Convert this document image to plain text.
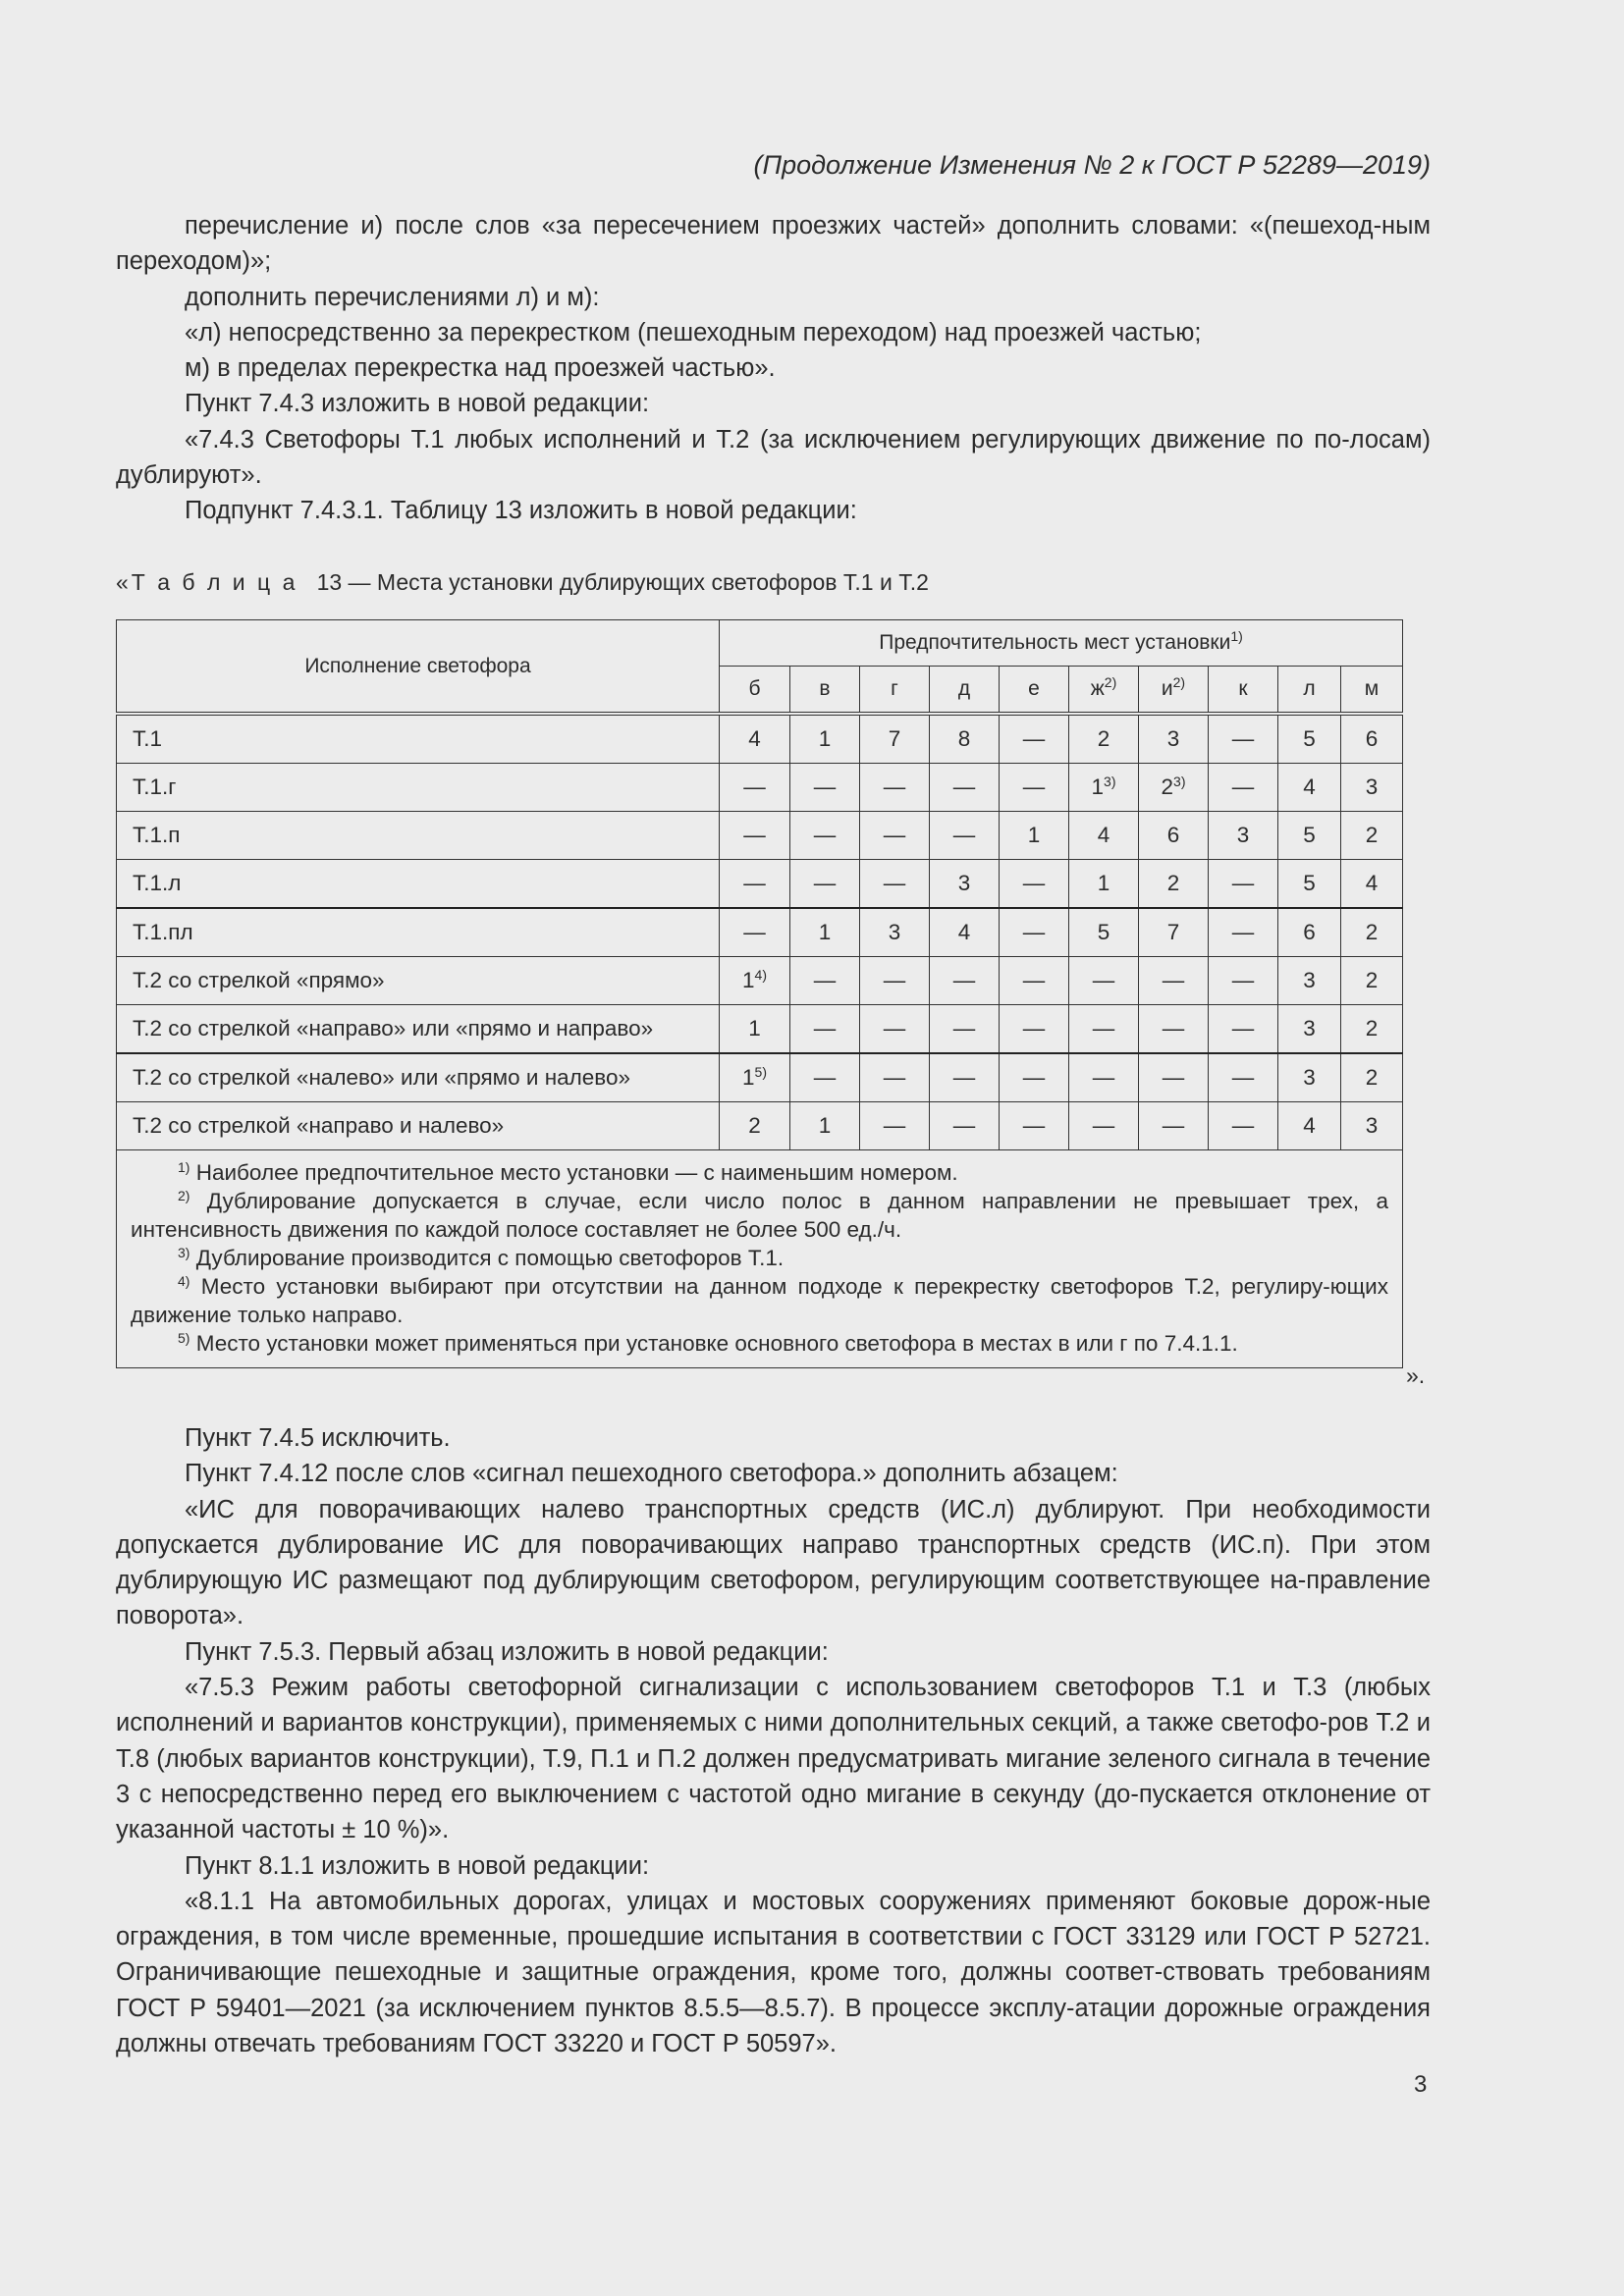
(Продолжение Изменения № 2 к ГОСТ Р 52289—2019)

перечисление и) после слов «за пересечением проезжих частей» дополнить словами: «(пешеход-ным переходом)»;

дополнить перечислениями л) и м):

«л) непосредственно за перекрестком (пешеходным переходом) над проезжей частью;

м) в пределах перекрестка над проезжей частью».

Пункт 7.4.3 изложить в новой редакции:

«7.4.3 Светофоры Т.1 любых исполнений и Т.2 (за исключением регулирующих движение по по-лосам) дублируют».

Подпункт 7.4.3.1. Таблицу 13 изложить в новой редакции:

«Т а б л и ц а 13 — Места установки дублирующих светофоров Т.1 и Т.2
Исполнение светофора	Предпочтительность мест установки$^{1)}$
	б	в	г	д	е	$ж^{2)}$	$и^{2)}$	к	л	м
Т.1	4	1	7	8	—	2	3	—	5	6
Т.1.г	—	—	—	—	—	1$^{3)}$	2$^{3)}$	—	4	3
Т.1.п	—	—	—	—	1	4	6	3	5	2
Т.1.л	—	—	—	3	—	1	2	—	5	4
Т.1.пл	—	1	3	4	—	5	7	—	6	2
Т.2 со стрелкой «прямо»	1$^{4)}$	—	—	—	—	—	—	—	3	2
Т.2 со стрелкой «направо» или «прямо и направо»	1	—	—	—	—	—	—	—	3	2
Т.2 со стрелкой «налево» или «прямо и налево»	1$^{5)}$	—	—	—	—	—	—	—	3	2
Т.2 со стрелкой «направо и налево»	2	1	—	—	—	—	—	—	4	3

$^{1)}$ Наиболее предпочтительное место установки — с наименьшим номером.
$^{2)}$ Дублирование допускается в случае, если число полос в данном направлении не превышает трех, а интенсивность движения по каждой полосе составляет не более 500 ед./ч.
$^{3)}$ Дублирование производится с помощью светофоров Т.1.
$^{4)}$ Место установки выбирают при отсутствии на данном подходе к перекрестку светофоров Т.2, регулиру-ющих движение только направо.
$^{5)}$ Место установки может применяться при установке основного светофора в местах в или г по 7.4.1.1.										
».

Пункт 7.4.5 исключить.

Пункт 7.4.12 после слов «сигнал пешеходного светофора.» дополнить абзацем:

«ИС для поворачивающих налево транспортных средств (ИС.л) дублируют. При необходимости допускается дублирование ИС для поворачивающих направо транспортных средств (ИС.п). При этом дублирующую ИС размещают под дублирующим светофором, регулирующим соответствующее на-правление поворота».

Пункт 7.5.3. Первый абзац изложить в новой редакции:

«7.5.3 Режим работы светофорной сигнализации с использованием светофоров Т.1 и Т.3 (любых исполнений и вариантов конструкции), применяемых с ними дополнительных секций, а также светофо-ров Т.2 и Т.8 (любых вариантов конструкции), Т.9, П.1 и П.2 должен предусматривать мигание зеленого сигнала в течение 3 с непосредственно перед его выключением с частотой одно мигание в секунду (до-пускается отклонение от указанной частоты ± 10 %)».

Пункт 8.1.1 изложить в новой редакции:

«8.1.1 На автомобильных дорогах, улицах и мостовых сооружениях применяют боковые дорож-ные ограждения, в том числе временные, прошедшие испытания в соответствии с ГОСТ 33129 или ГОСТ Р 52721. Ограничивающие пешеходные и защитные ограждения, кроме того, должны соответ-ствовать требованиям ГОСТ Р 59401—2021 (за исключением пунктов 8.5.5—8.5.7). В процессе эксплу-атации дорожные ограждения должны отвечать требованиям ГОСТ 33220 и ГОСТ Р 50597».

3
